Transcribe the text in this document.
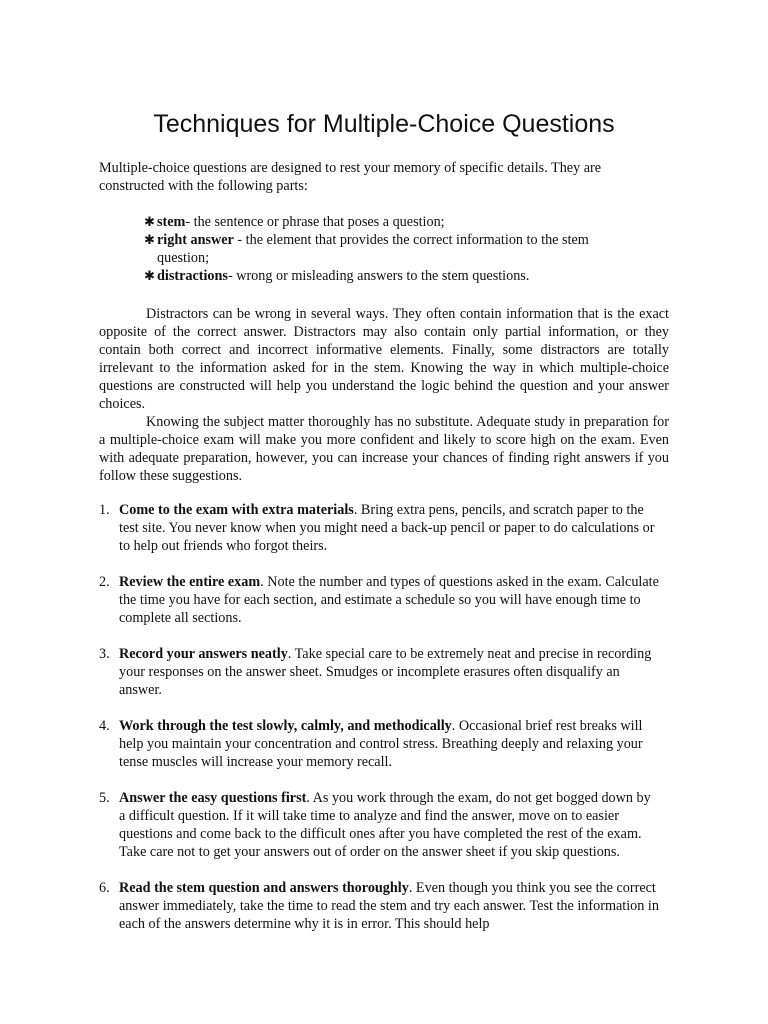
Techniques for Multiple-Choice Questions
Multiple-choice questions are designed to rest your memory of specific details. They are constructed with the following parts:
✱ stem- the sentence or phrase that poses a question;
✱ right answer - the element that provides the correct information to the stem question;
✱ distractions- wrong or misleading answers to the stem questions.
Distractors can be wrong in several ways. They often contain information that is the exact opposite of the correct answer. Distractors may also contain only partial information, or they contain both correct and incorrect informative elements. Finally, some distractors are totally irrelevant to the information asked for in the stem. Knowing the way in which multiple-choice questions are constructed will help you understand the logic behind the question and your answer choices.
Knowing the subject matter thoroughly has no substitute. Adequate study in preparation for a multiple-choice exam will make you more confident and likely to score high on the exam. Even with adequate preparation, however, you can increase your chances of finding right answers if you follow these suggestions.
1. Come to the exam with extra materials. Bring extra pens, pencils, and scratch paper to the test site. You never know when you might need a back-up pencil or paper to do calculations or to help out friends who forgot theirs.
2. Review the entire exam. Note the number and types of questions asked in the exam. Calculate the time you have for each section, and estimate a schedule so you will have enough time to complete all sections.
3. Record your answers neatly. Take special care to be extremely neat and precise in recording your responses on the answer sheet. Smudges or incomplete erasures often disqualify an answer.
4. Work through the test slowly, calmly, and methodically. Occasional brief rest breaks will help you maintain your concentration and control stress. Breathing deeply and relaxing your tense muscles will increase your memory recall.
5. Answer the easy questions first. As you work through the exam, do not get bogged down by a difficult question. If it will take time to analyze and find the answer, move on to easier questions and come back to the difficult ones after you have completed the rest of the exam. Take care not to get your answers out of order on the answer sheet if you skip questions.
6. Read the stem question and answers thoroughly. Even though you think you see the correct answer immediately, take the time to read the stem and try each answer. Test the information in each of the answers determine why it is in error. This should help
